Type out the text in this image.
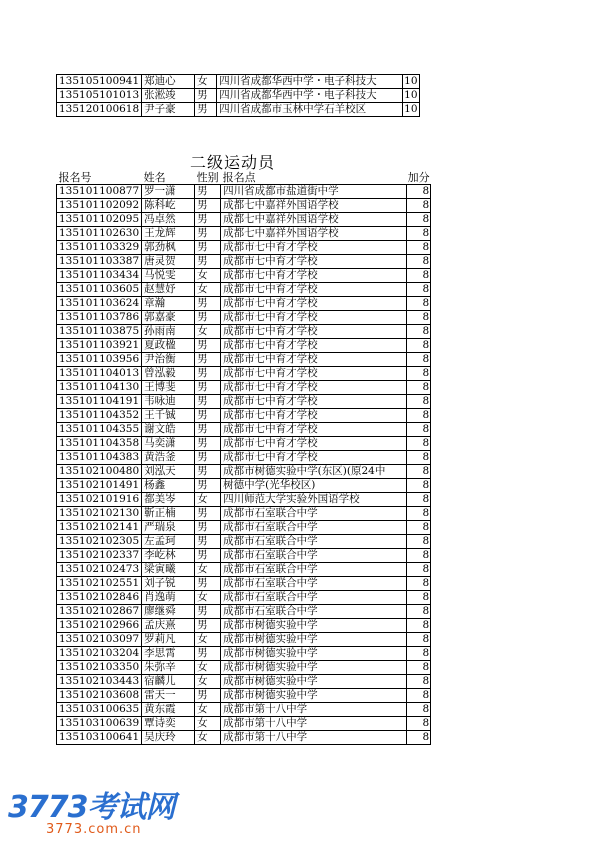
135105100941	郑迪心	女	四川省成都华西中学・电子科技大	10
135105101013	张淞竣	男	四川省成都华西中学・电子科技大	10
135120100618	尹子豪	男	四川省成都市玉林中学石羊校区	10
二级运动员
报名号	姓名	性别	报名点	加分
135101100877	罗一潇	男	四川省成都市盐道街中学	8
135101102092	陈科屹	男	成都七中嘉祥外国语学校	8
135101102095	冯卓然	男	成都七中嘉祥外国语学校	8
135101102630	王龙辉	男	成都七中嘉祥外国语学校	8
135101103329	郭劲枫	男	成都市七中育才学校	8
135101103387	唐灵贺	男	成都市七中育才学校	8
135101103434	马悦雯	女	成都市七中育才学校	8
135101103605	赵慧妤	女	成都市七中育才学校	8
135101103624	章瀚	男	成都市七中育才学校	8
135101103786	郭嘉豪	男	成都市七中育才学校	8
135101103875	孙雨南	女	成都市七中育才学校	8
135101103921	夏政楹	男	成都市七中育才学校	8
135101103956	尹治衡	男	成都市七中育才学校	8
135101104013	曾泓毅	男	成都市七中育才学校	8
135101104130	王博斐	男	成都市七中育才学校	8
135101104191	韦咏迪	男	成都市七中育才学校	8
135101104352	王千铖	男	成都市七中育才学校	8
135101104355	谢文皓	男	成都市七中育才学校	8
135101104358	马奕潇	男	成都市七中育才学校	8
135101104383	黄浩釜	男	成都市七中育才学校	8
135102100480	刘泓天	男	成都市树德实验中学(东区)(原24中	8
135102101491	杨鑫	男	树德中学(光华校区)	8
135102101916	都美岑	女	四川师范大学实验外国语学校	8
135102102130	靳正楠	男	成都市石室联合中学	8
135102102141	严瑞泉	男	成都市石室联合中学	8
135102102305	左孟珂	男	成都市石室联合中学	8
135102102337	李屹林	男	成都市石室联合中学	8
135102102473	梁寅曦	女	成都市石室联合中学	8
135102102551	刘子锐	男	成都市石室联合中学	8
135102102846	肖逸萌	女	成都市石室联合中学	8
135102102867	廖继舜	男	成都市石室联合中学	8
135102102966	孟庆熹	男	成都市树德实验中学	8
135102103097	罗莉凡	女	成都市树德实验中学	8
135102103204	李思霄	男	成都市树德实验中学	8
135102103350	朱弥辛	女	成都市树德实验中学	8
135102103443	宿麟儿	女	成都市树德实验中学	8
135102103608	雷天一	男	成都市树德实验中学	8
135103100635	黄东霞	女	成都市第十八中学	8
135103100639	覃诗奕	女	成都市第十八中学	8
135103100641	吴庆玲	女	成都市第十八中学	8
3773考试网
3773.com.cn
